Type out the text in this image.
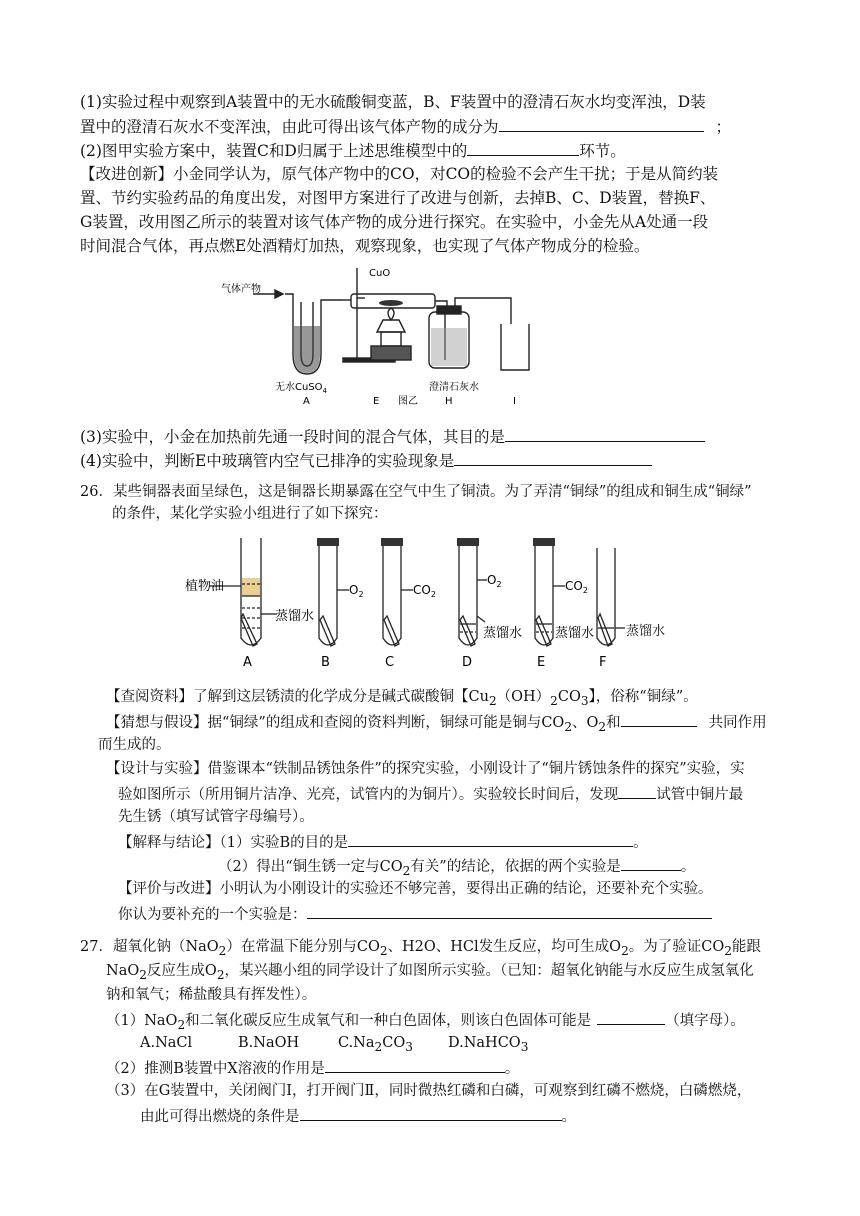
(1)实验过程中观察到A装置中的无水硫酸铜变蓝，B、F装置中的澄清石灰水均变浑浊，D装
置中的澄清石灰水不变浑浊，由此可得出该气体产物的成分为	；
(2)图甲实验方案中，装置C和D归属于上述思维模型中的	环节。
【改进创新】小金同学认为，原气体产物中的CO，对CO的检验不会产生干扰；于是从简约装
置、节约实验药品的角度出发，对图甲方案进行了改进与创新，去掉B、C、D装置，替换F、
G装置，改用图乙所示的装置对该气体产物的成分进行探究。在实验中，小金先从A处通一段
时间混合气体，再点燃E处酒精灯加热，观察现象，也实现了气体产物成分的检验。
CuO
气体产物
无水CuSO$_4$	澄清石灰水
A	E	H	I
图乙
(3)实验中，小金在加热前先通一段时间的混合气体，其目的是
(4)实验中，判断E中玻璃管内空气已排净的实验现象是
26．某些铜器表面呈绿色，这是铜器长期暴露在空气中生了铜渍。为了弄清“铜绿”的组成和铜生成“铜绿”
的条件，某化学实验小组进行了如下探究：
植物油
蒸馏水
$O_2$	$CO_2$
$O_2$
蒸馏水
$CO_2$
蒸馏水
A	B	C	D	E	F
蒸馏水
【查阅资料】了解到这层锈渍的化学成分是碱式碳酸铜【$Cu_2(OH)_2CO_3$】，俗称“铜绿”。
【猜想与假设】据“铜绿”的组成和查阅的资料判断，铜绿可能是铜与$CO_2$、$O_2$和	共同作用
而生成的。
【设计与实验】借鉴课本“铁制品锈蚀条件”的探究实验，小刚设计了“铜片锈蚀条件的探究”实验，实
验如图所示（所用铜片洁净、光亮，试管内的为铜片）。实验较长时间后，发现	试管中铜片最
先生锈（填写试管字母编号）。
【解释与结论】（1）实验B的目的是	。
（2）得出“铜生锈一定与$CO_2$有关”的结论，依据的两个实验是	。
【评价与改进】小明认为小刚设计的实验还不够完善，要得出正确的结论，还要补充个实验。
你认为要补充的一个实验是：
27．超氧化钠（NaO$_2$）在常温下能分别与$CO_2$、H2O、HCl发生反应，均可生成$O_2$。为了验证$CO_2$能跟
NaO$_2$反应生成$O_2$，某兴趣小组的同学设计了如图所示实验。（已知：超氧化钠能与水反应生成氢氧化
钠和氧气；稀盐酸具有挥发性）。
（1）NaO$_2$和二氧化碳反应生成氧气和一种白色固体，则该白色固体可能是	（填字母）。
A.NaCl	B.NaOH	$C.Na_2CO_3$ D.NaHCO$_3$
（2）推测B装置中X溶液的作用是	。
（3）在G装置中，关闭阀门Ⅰ，打开阀门Ⅱ，同时微热红磷和白磷，可观察到红磷不燃烧，白磷燃烧，
由此可得出燃烧的条件是	。
